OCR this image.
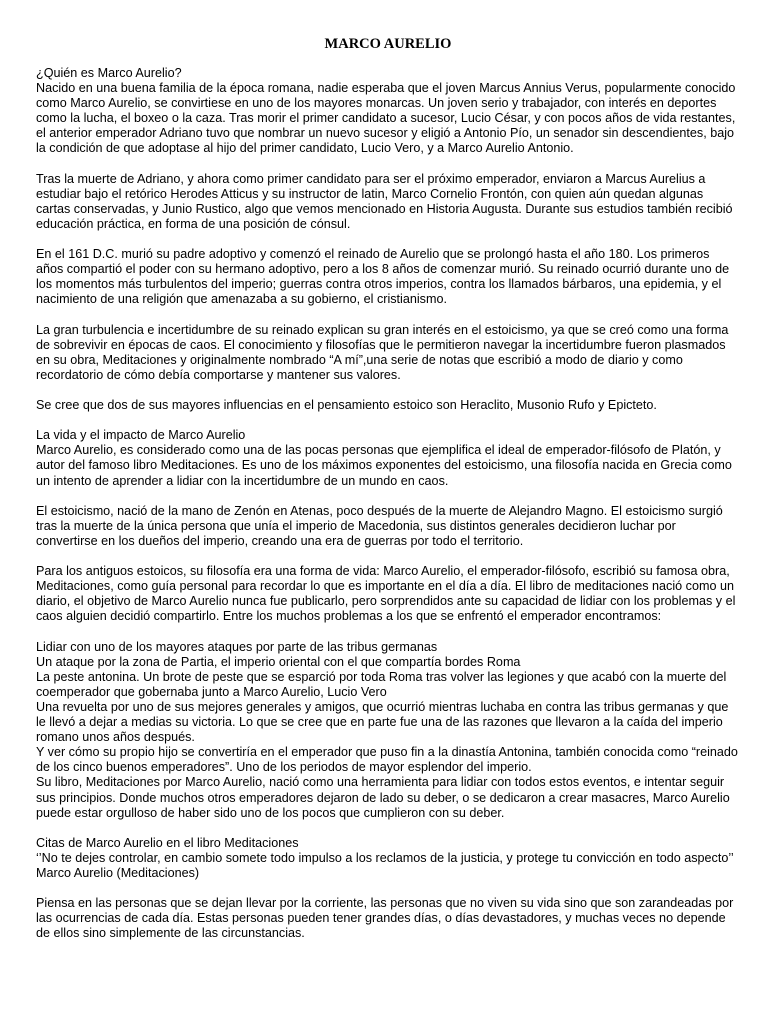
MARCO AURELIO
¿Quién es Marco Aurelio?
Nacido en una buena familia de la época romana, nadie esperaba que el joven Marcus Annius Verus, popularmente conocido como Marco Aurelio, se convirtiese en uno de los mayores monarcas. Un joven serio y trabajador, con interés en deportes como la lucha, el boxeo o la caza. Tras morir el primer candidato a sucesor, Lucio César, y con pocos años de vida restantes, el anterior emperador Adriano tuvo que nombrar un nuevo sucesor y eligió a Antonio Pío, un senador sin descendientes, bajo la condición de que adoptase al hijo del primer candidato, Lucio Vero, y a Marco Aurelio Antonio.
Tras la muerte de Adriano, y ahora como primer candidato para ser el próximo emperador, enviaron a Marcus Aurelius a estudiar bajo el retórico Herodes Atticus y su instructor de latin, Marco Cornelio Frontón, con quien aún quedan algunas cartas conservadas, y Junio Rustico, algo que vemos mencionado en Historia Augusta. Durante sus estudios también recibió educación práctica, en forma de una posición de cónsul.
En el 161 D.C. murió su padre adoptivo y comenzó el reinado de Aurelio que se prolongó hasta el año 180. Los primeros años compartió el poder con su hermano adoptivo, pero a los 8 años de comenzar murió. Su reinado ocurrió durante uno de los momentos más turbulentos del imperio; guerras contra otros imperios, contra los llamados bárbaros, una epidemia, y el nacimiento de una religión que amenazaba a su gobierno, el cristianismo.
La gran turbulencia e incertidumbre de su reinado explican su gran interés en el estoicismo, ya que se creó como una forma de sobrevivir en épocas de caos. El conocimiento y filosofías que le permitieron navegar la incertidumbre fueron plasmados en su obra, Meditaciones y originalmente nombrado “A mí”,una serie de notas que escribió a modo de diario y como recordatorio de cómo debía comportarse y mantener sus valores.
Se cree que dos de sus mayores influencias en el pensamiento estoico son Heraclito, Musonio Rufo y Epicteto.
La vida y el impacto de Marco Aurelio
Marco Aurelio, es considerado como una de las pocas personas que ejemplifica el ideal de emperador-filósofo de Platón, y autor del famoso libro Meditaciones. Es uno de los máximos exponentes del estoicismo, una filosofía nacida en Grecia como un intento de aprender a lidiar con la incertidumbre de un mundo en caos.
El estoicismo, nació de la mano de Zenón en Atenas, poco después de la muerte de Alejandro Magno. El estoicismo surgió tras la muerte de la única persona que unía el imperio de Macedonia, sus distintos generales decidieron luchar por convertirse en los dueños del imperio, creando una era de guerras por todo el territorio.
Para los antiguos estoicos, su filosofía era una forma de vida: Marco Aurelio, el emperador-filósofo, escribió su famosa obra, Meditaciones, como guía personal para recordar lo que es importante en el día a día. El libro de meditaciones nació como un diario, el objetivo de Marco Aurelio nunca fue publicarlo, pero sorprendidos ante su capacidad de lidiar con los problemas y el caos alguien decidió compartirlo. Entre los muchos problemas a los que se enfrentó el emperador encontramos:
Lidiar con uno de los mayores ataques por parte de las tribus germanas
Un ataque por la zona de Partia, el imperio oriental con el que compartía bordes Roma
La peste antonina. Un brote de peste que se esparció por toda Roma tras volver las legiones y que acabó con la muerte del coemperador que gobernaba junto a Marco Aurelio, Lucio Vero
Una revuelta por uno de sus mejores generales y amigos, que ocurrió mientras luchaba en contra las tribus germanas y que le llevó a dejar a medias su victoria. Lo que se cree que en parte fue una de las razones que llevaron a la caída del imperio romano unos años después.
Y ver cómo su propio hijo se convertiría en el emperador que puso fin a la dinastía Antonina, también conocida como “reinado de los cinco buenos emperadores”. Uno de los periodos de mayor esplendor del imperio.
Su libro, Meditaciones por Marco Aurelio, nació como una herramienta para lidiar con todos estos eventos, e intentar seguir sus principios. Donde muchos otros emperadores dejaron de lado su deber, o se dedicaron a crear masacres, Marco Aurelio puede estar orgulloso de haber sido uno de los pocos que cumplieron con su deber.
Citas de Marco Aurelio en el libro Meditaciones
‘’No te dejes controlar, en cambio somete todo impulso a los reclamos de la justicia, y protege tu convicción en todo aspecto’’ Marco Aurelio (Meditaciones)
Piensa en las personas que se dejan llevar por la corriente, las personas que no viven su vida sino que son zarandeadas por las ocurrencias de cada día. Estas personas pueden tener grandes días, o días devastadores, y muchas veces no depende de ellos sino simplemente de las circunstancias.
